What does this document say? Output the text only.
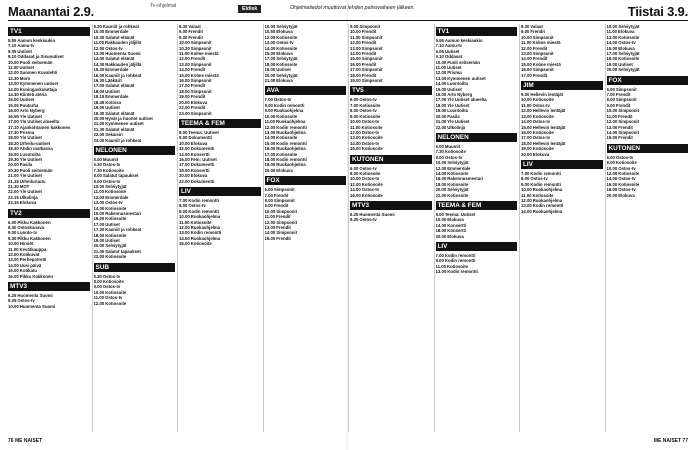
Maanantai 2.9.	Tv-ohjelmat	Eldisk	Ohjelmatiedot muuttuvat lehden painovaiheen jälkeen.	Tiistai 3.9.
TV1
5.55Aamun keskiaukio
7.10Aamu-tv
9.05Uutiset
9.10Oddasat ja Sisuoutiset
10.00Puoli seitsemän
11.00Uutiset
12.00Suomen Kuvalehti
12.30Moro
13.00Kymmenen uutiset
14.00Kuningaskuluttaja
14.30Kiinteä ateria
15.00Uutiset
15.05Puutarha
16.00Arto Nyberg
16.55Yle Uutiset
17.00Yle Uutiset alueelta
17.10Ajankohtainen kakkonen
17.30Prisma
18.00Yle Uutiset
18.20Urheilu-uutiset
18.30Ahdin matkassa
19.00Luontoilta
19.30Yle Uutiset
20.00Pasila
20.30Puoli seitsemän
21.00Yle Uutiset
21.15Urheiluruutu
21.30MOT
22.00Yle Uutiset
22.15Ulkolinja
23.15Elokuva
TV2
6.00Pikku Kakkonen
8.30Ostoskanava
9.00Luonto-tv
9.30Pikku Kakkonen
10.00Hirviöt
11.00Kevätkauppa
12.00Kotikuvat
13.00Perhepotretti
14.00Uusi päivä
15.00Kotikatu
16.00Pikku Kakkonen
MTV3
6.25Huomenta Suomi
9.25Ostos-tv
10.00Huomenta Suomi
9.30Kauniit ja rohkeat
10.00Emmerdale
10.30Salatut elämät
11.00Rakkauden jäljillä
12.00Ostos-tv
13.00Huomenta Suomi
14.00Salatut elämät
14.30Rakkauden jäljillä
15.30Emmerdale
16.00Kauniit ja rohkeat
16.30Lääkärit
17.00Salatut elämät
18.00Uutiset
18.15Emmerdale
18.45Kotoisa
19.00Uutiset
19.30Salatut elämät
20.00Hyvät ja huonot uutiset
21.00Kymmenen uutiset
21.30Salatut elämät
22.00Sekaisin
23.00Kauniit ja rohkeat
NELONEN
6.00Muumit
6.30Ostos-tv
7.30Kotiosoite
8.00Salatut tapaukset
9.00Ostos-tv
10.00Selviytyjät
11.00Kotiosoite
12.00Emmerdale
13.00Ostos-tv
14.00Kotiosoite
15.00Rakennusmestari
16.00Kotiosoite
17.00Uutiset
17.30Kauniit ja rohkeat
18.00Kotiosoite
19.00Uutiset
20.00Selviytyjät
21.00Salatut tapaukset
22.00Kotiosoite
SUB
6.30Ostos-tv
8.00Kotiosoite
9.00Ostos-tv
10.00Kotiosoite
11.00Ostos-tv
12.00Kotiosoite
8.30Valaat
9.00Frendit
9.30Frendit
10.00Simpsonit
10.30Simpsonit
11.00Kolme miestä
12.00Frendit
13.00Simpsonit
14.00Frendit
15.00Kolme miestä
16.00Simpsonit
17.00Frendit
18.00Simpsonit
19.00Frendit
20.00Elokuva
22.00Frendit
23.00Simpsonit
TEEMA & FEM
8.00Teema: Uutiset
9.00Dokumentti
10.00Elokuva
12.00Dokumentti
14.00Konsertti
16.00Fem: Uutiset
17.00Dokumentti
18.00Konsertti
20.00Elokuva
22.00Dokumentti
LIV
7.00Kodin remontti
8.00Ostos-tv
9.00Kodin remontti
10.00Ruokaohjelma
11.00Kotiosoite
12.00Ruokaohjelma
13.00Kodin remontti
14.00Ruokaohjelma
15.00Kotiosoite
10.00Selviytyjät
10.50Elokuva
12.00Kotiosoite
13.00Ostos-tv
14.00Kotiosoite
15.00Elokuva
17.00Selviytyjät
18.00Kotiosoite
19.00Uutiset
20.00Selviytyjät
21.00Elokuva
AVA
7.00Ostos-tv
8.00Kodin remontti
9.00Ruokaohjelma
10.00Kotiosoite
11.00Ruokaohjelma
12.00Kodin remontti
13.00Ruokaohjelma
14.00Kotiosoite
15.00Kodin remontti
16.00Ruokaohjelma
17.00Kotiosoite
18.00Kodin remontti
19.00Ruokaohjelma
20.00Elokuva
FOX
6.00Simpsonit
7.00Frendit
8.00Simpsonit
9.00Frendit
10.00Simpsonit
11.00Frendit
12.00Simpsonit
13.00Frendit
14.00Simpsonit
15.00Frendit
9.00Simpsonit
10.00Frendit
11.00Simpsonit
12.00Frendit
13.00Simpsonit
14.00Frendit
15.00Simpsonit
16.00Frendit
17.00Simpsonit
18.00Frendit
19.00Simpsonit
TV5
6.00Ostos-tv
7.00Kotiosoite
8.00Ostos-tv
9.00Kotiosoite
10.00Ostos-tv
11.00Kotiosoite
12.00Ostos-tv
13.00Kotiosoite
14.00Ostos-tv
15.00Kotiosoite
KUTONEN
6.00Ostos-tv
8.00Kotiosoite
10.00Ostos-tv
12.00Kotiosoite
14.00Ostos-tv
16.00Kotiosoite
MTV3
6.25Huomenta Suomi
9.25Ostos-tv
TV1
5.55Aamun keskiaukio
7.10Aamu-tv
9.05Uutiset
9.10Oddasat
10.00Puoli seitsemän
11.00Uutiset
12.00Prisma
13.00Kymmenen uutiset
14.00Luontoilta
15.00Uutiset
16.00Arto Nyberg
17.00Yle Uutiset alueelta
18.00Yle Uutiset
19.00Luontoilta
20.00Pasila
21.00Yle Uutiset
22.00Ulkolinja
NELONEN
6.00Muumit
7.30Kotiosoite
9.00Ostos-tv
10.00Selviytyjät
12.00Emmerdale
14.00Kotiosoite
16.00Rakennusmestari
18.00Kotiosoite
20.00Selviytyjät
22.00Kotiosoite
TEEMA & FEM
8.00Teema: Uutiset
10.00Elokuva
14.00Konsertti
18.00Konsertti
20.00Elokuva
LIV
7.00Kodin remontti
9.00Kodin remontti
11.00Kotiosoite
13.00Kodin remontti
8.30Valaat
9.00Frendit
10.00Simpsonit
11.00Kolme miestä
12.00Frendit
13.00Simpsonit
14.00Frendit
15.00Kolme miestä
16.00Simpsonit
17.00Frendit
JIM
9.00Hellevin lentäjät
10.00Kotiosoite
11.00Ostos-tv
12.00Hellevin lentäjät
13.00Kotiosoite
14.00Ostos-tv
15.00Hellevin lentäjät
16.00Kotiosoite
17.00Ostos-tv
18.00Hellevin lentäjät
19.00Kotiosoite
20.00Elokuva
LIV
7.00Kodin remontti
8.00Ostos-tv
9.00Kodin remontti
10.00Ruokaohjelma
11.00Kotiosoite
12.00Ruokaohjelma
13.00Kodin remontti
14.00Ruokaohjelma
10.00Selviytyjät
11.00Elokuva
13.00Kotiosoite
14.00Ostos-tv
15.00Elokuva
17.00Selviytyjät
18.00Kotiosoite
19.00Uutiset
20.00Selviytyjät
FOX
6.00Simpsonit
7.00Frendit
8.00Simpsonit
9.00Frendit
10.00Simpsonit
11.00Frendit
12.00Simpsonit
13.00Frendit
14.00Simpsonit
15.00Frendit
KUTONEN
6.00Ostos-tv
8.00Kotiosoite
10.00Ostos-tv
12.00Kotiosoite
14.00Ostos-tv
16.00Kotiosoite
18.00Ostos-tv
20.00Elokuva
76 ME NAISET	ME NAISET 77
